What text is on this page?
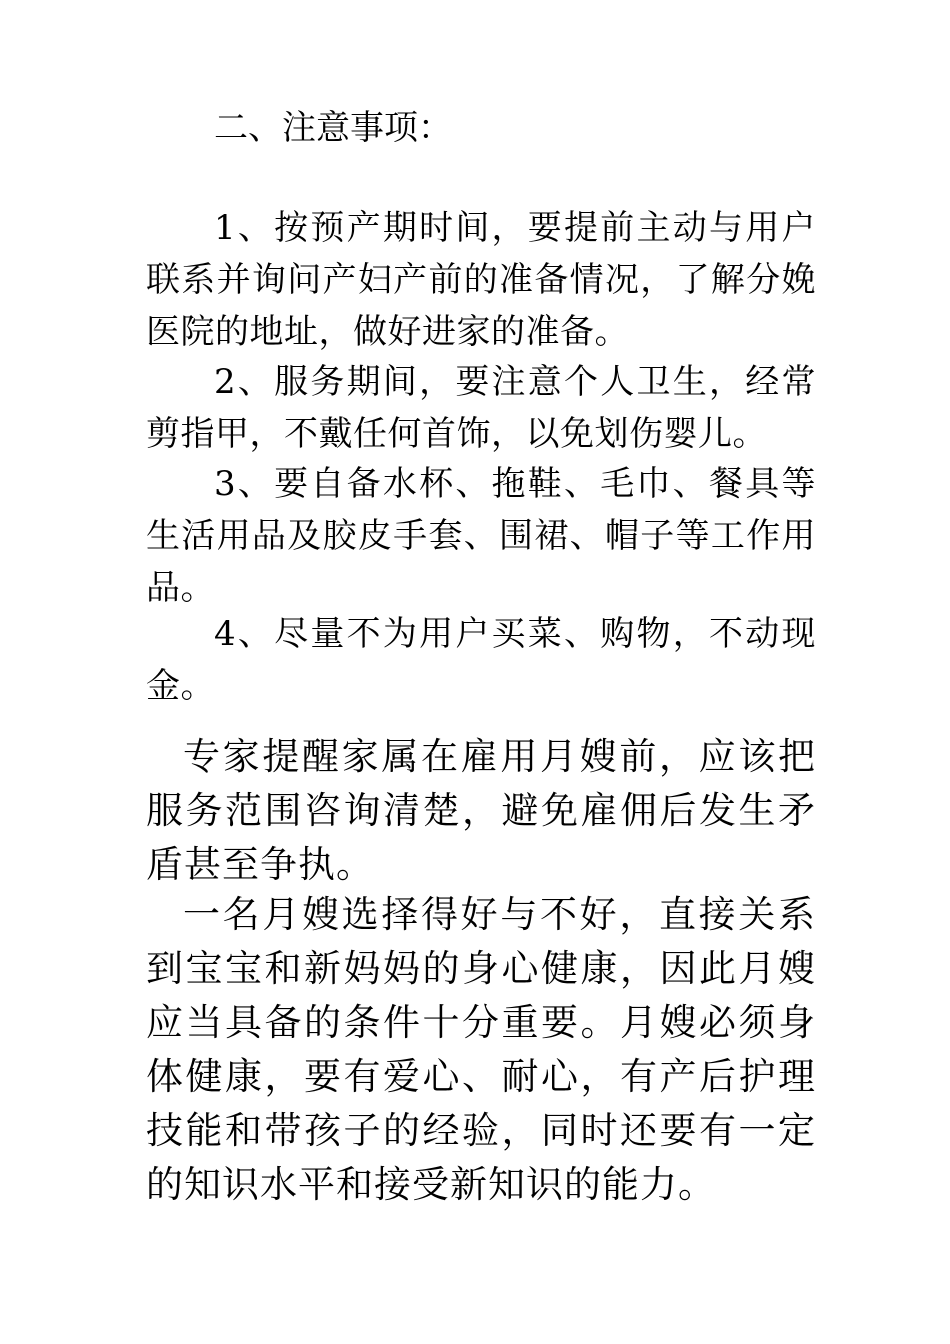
二、注意事项：

1、按预产期时间，要提前主动与用户联系并询问产妇产前的准备情况，了解分娩医院的地址，做好进家的准备。

2、服务期间，要注意个人卫生，经常剪指甲，不戴任何首饰，以免划伤婴儿。

3、要自备水杯、拖鞋、毛巾、餐具等生活用品及胶皮手套、围裙、帽子等工作用品。

4、尽量不为用户买菜、购物，不动现金。

专家提醒家属在雇用月嫂前，应该把服务范围咨询清楚，避免雇佣后发生矛盾甚至争执。

一名月嫂选择得好与不好，直接关系到宝宝和新妈妈的身心健康，因此月嫂应当具备的条件十分重要。月嫂必须身体健康，要有爱心、耐心，有产后护理技能和带孩子的经验，同时还要有一定的知识水平和接受新知识的能力。
